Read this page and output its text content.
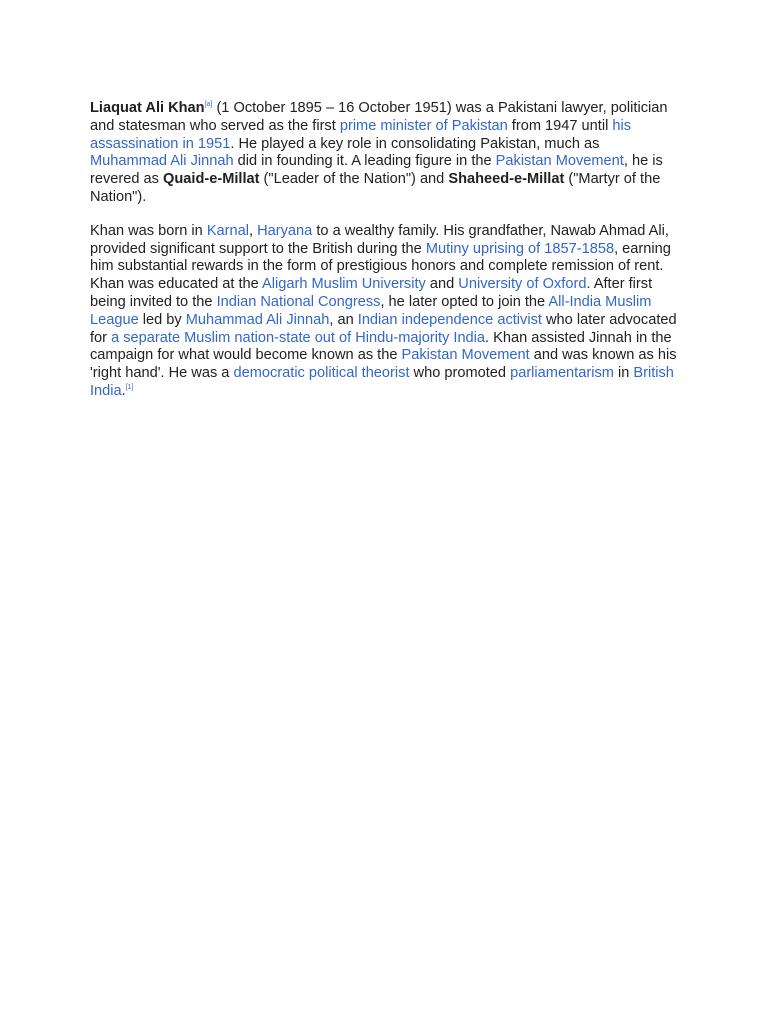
Liaquat Ali Khan[a] (1 October 1895 – 16 October 1951) was a Pakistani lawyer, politician and statesman who served as the first prime minister of Pakistan from 1947 until his assassination in 1951. He played a key role in consolidating Pakistan, much as Muhammad Ali Jinnah did in founding it. A leading figure in the Pakistan Movement, he is revered as Quaid-e-Millat ("Leader of the Nation") and Shaheed-e-Millat ("Martyr of the Nation").

Khan was born in Karnal, Haryana to a wealthy family. His grandfather, Nawab Ahmad Ali, provided significant support to the British during the Mutiny uprising of 1857-1858, earning him substantial rewards in the form of prestigious honors and complete remission of rent. Khan was educated at the Aligarh Muslim University and University of Oxford. After first being invited to the Indian National Congress, he later opted to join the All-India Muslim League led by Muhammad Ali Jinnah, an Indian independence activist who later advocated for a separate Muslim nation-state out of Hindu-majority India. Khan assisted Jinnah in the campaign for what would become known as the Pakistan Movement and was known as his 'right hand'. He was a democratic political theorist who promoted parliamentarism in British India.[1]
